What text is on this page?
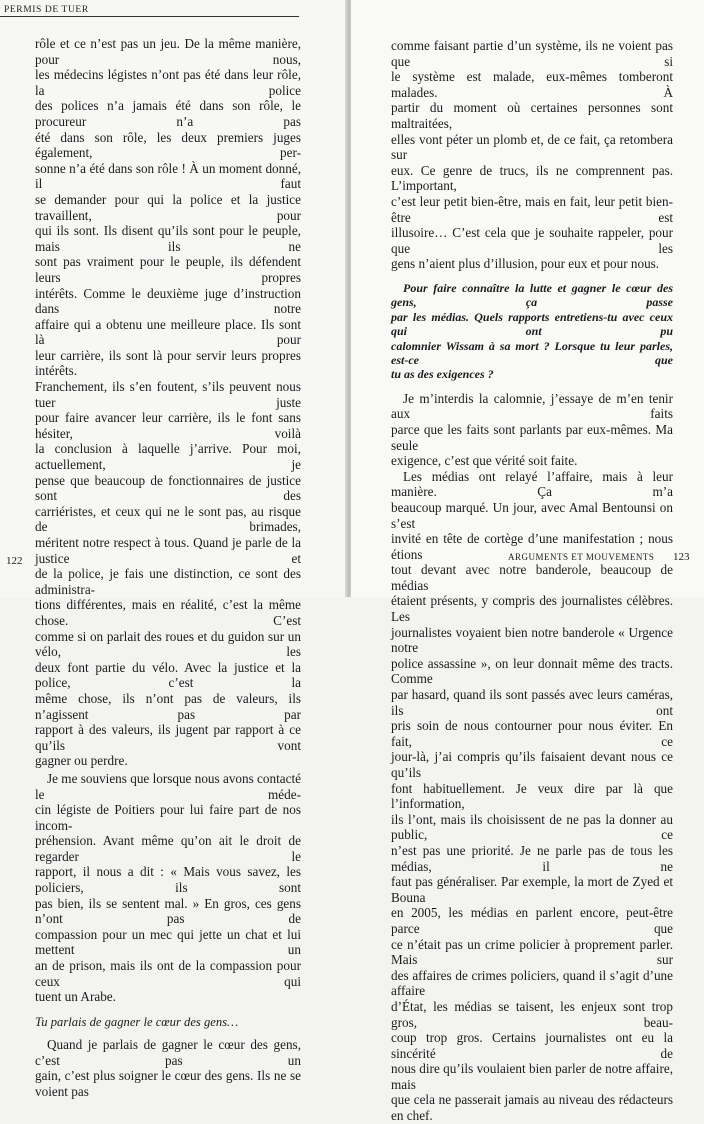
PERMIS DE TUER

rôle et ce n’est pas un jeu. De la même manière, pour nous,

les médecins légistes n’ont pas été dans leur rôle, la police

des polices n’a jamais été dans son rôle, le procureur n’a pas

été dans son rôle, les deux premiers juges également, per-

sonne n’a été dans son rôle ! À un moment donné, il faut

se demander pour qui la police et la justice travaillent, pour

qui ils sont. Ils disent qu’ils sont pour le peuple, mais ils ne

sont pas vraiment pour le peuple, ils défendent leurs propres

intérêts. Comme le deuxième juge d’instruction dans notre

affaire qui a obtenu une meilleure place. Ils sont là pour

leur carrière, ils sont là pour servir leurs propres intérêts.

Franchement, ils s’en foutent, s’ils peuvent nous tuer juste

pour faire avancer leur carrière, ils le font sans hésiter, voilà

la conclusion à laquelle j’arrive. Pour moi, actuellement, je

pense que beaucoup de fonctionnaires de justice sont des

carriéristes, et ceux qui ne le sont pas, au risque de brimades,

méritent notre respect à tous. Quand je parle de la justice et

de la police, je fais une distinction, ce sont des administra-

tions différentes, mais en réalité, c’est la même chose. C’est

comme si on parlait des roues et du guidon sur un vélo, les

deux font partie du vélo. Avec la justice et la police, c’est la

même chose, ils n’ont pas de valeurs, ils n’agissent pas par

rapport à des valeurs, ils jugent par rapport à ce qu’ils vont

gagner ou perdre.

Je me souviens que lorsque nous avons contacté le méde-

cin légiste de Poitiers pour lui faire part de nos incom-

préhension. Avant même qu’on ait le droit de regarder le

rapport, il nous a dit : « Mais vous savez, les policiers, ils sont

pas bien, ils se sentent mal. » En gros, ces gens n’ont pas de

compassion pour un mec qui jette un chat et lui mettent un

an de prison, mais ils ont de la compassion pour ceux qui

tuent un Arabe.

Tu parlais de gagner le cœur des gens…

Quand je parlais de gagner le cœur des gens, c’est pas un

gain, c’est plus soigner le cœur des gens. Ils ne se voient pas

122

comme faisant partie d’un système, ils ne voient pas que si

le système est malade, eux-mêmes tomberont malades. À

partir du moment où certaines personnes sont maltraitées,

elles vont péter un plomb et, de ce fait, ça retombera sur

eux. Ce genre de trucs, ils ne comprennent pas. L’important,

c’est leur petit bien-être, mais en fait, leur petit bien-être est

illusoire… C’est cela que je souhaite rappeler, pour que les

gens n’aient plus d’illusion, pour eux et pour nous.

Pour faire connaître la lutte et gagner le cœur des gens, ça passe

par les médias. Quels rapports entretiens-tu avec ceux qui ont pu

calomnier Wissam à sa mort ? Lorsque tu leur parles, est-ce que

tu as des exigences ?

Je m’interdis la calomnie, j’essaye de m’en tenir aux faits

parce que les faits sont parlants par eux-mêmes. Ma seule

exigence, c’est que vérité soit faite.

Les médias ont relayé l’affaire, mais à leur manière. Ça m’a

beaucoup marqué. Un jour, avec Amal Bentounsi on s’est

invité en tête de cortège d’une manifestation ; nous étions

tout devant avec notre banderole, beaucoup de médias

étaient présents, y compris des journalistes célèbres. Les

journalistes voyaient bien notre banderole « Urgence notre

police assassine », on leur donnait même des tracts. Comme

par hasard, quand ils sont passés avec leurs caméras, ils ont

pris soin de nous contourner pour nous éviter. En fait, ce

jour-là, j’ai compris qu’ils faisaient devant nous ce qu’ils

font habituellement. Je veux dire par là que l’information,

ils l’ont, mais ils choisissent de ne pas la donner au public, ce

n’est pas une priorité. Je ne parle pas de tous les médias, il ne

faut pas généraliser. Par exemple, la mort de Zyed et Bouna

en 2005, les médias en parlent encore, peut-être parce que

ce n’était pas un crime policier à proprement parler. Mais sur

des affaires de crimes policiers, quand il s’agit d’une affaire

d’État, les médias se taisent, les enjeux sont trop gros, beau-

coup trop gros. Certains journalistes ont eu la sincérité de

nous dire qu’ils voulaient bien parler de notre affaire, mais

que cela ne passerait jamais au niveau des rédacteurs en chef.

ARGUMENTS ET MOUVEMENTS 123
